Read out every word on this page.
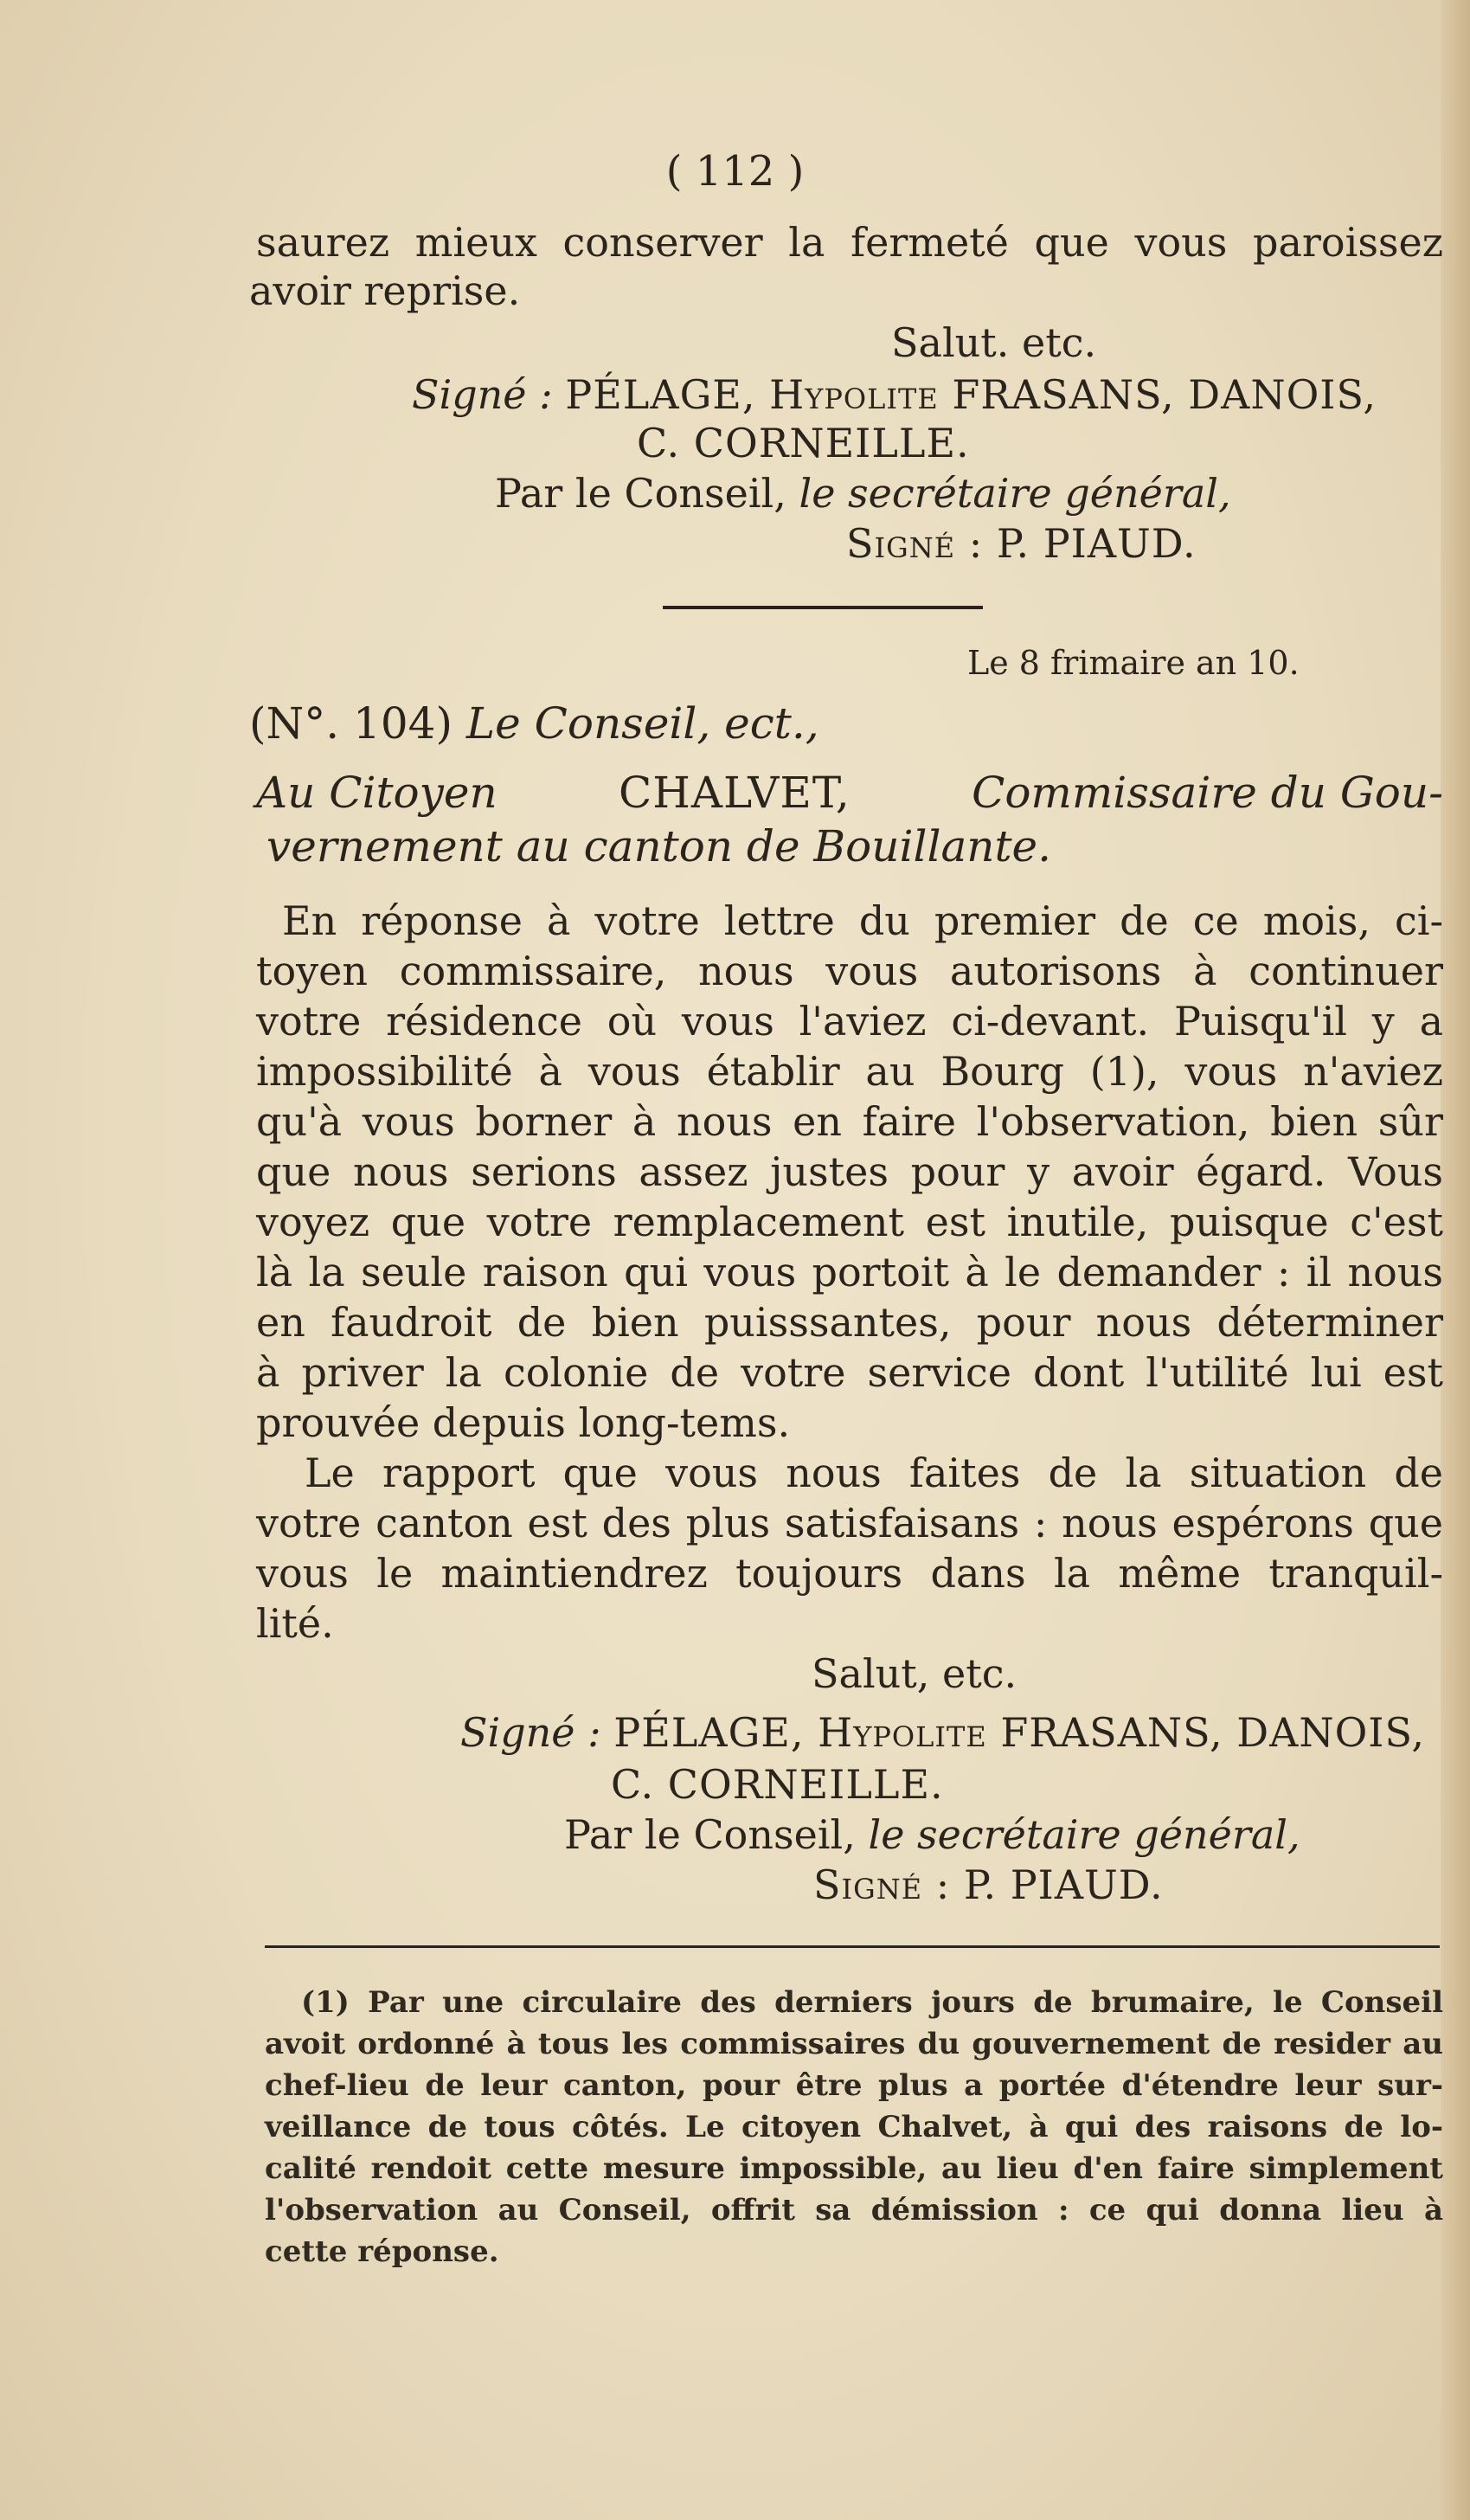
( 112 )
saurez mieux conserver la fermeté que vous paroissez
avoir reprise.
Salut. etc.
Signé : PÉLAGE, Hypolite FRASANS, DANOIS,
C. CORNEILLE.
Par le Conseil, le secrétaire général,
Signé : P. PIAUD.
Le 8 frimaire an 10.
(N°. 104) Le Conseil, ect.,
Au Citoyen	CHALVET,	Commissaire du Gou-
vernement au canton de Bouillante.
En réponse à votre lettre du premier de ce mois, ci-
toyen commissaire, nous vous autorisons à continuer
votre résidence où vous l'aviez ci-devant. Puisqu'il y a
impossibilité à vous établir au Bourg (1), vous n'aviez
qu'à vous borner à nous en faire l'observation, bien sûr
que nous serions assez justes pour y avoir égard. Vous
voyez que votre remplacement est inutile, puisque c'est
là la seule raison qui vous portoit à le demander : il nous
en faudroit de bien puisssantes, pour nous déterminer
à priver la colonie de votre service dont l'utilité lui est
prouvée depuis long-tems.
Le rapport que vous nous faites de la situation de
votre canton est des plus satisfaisans : nous espérons que
vous le maintiendrez toujours dans la même tranquil-
lité.
Salut, etc.
Signé : PÉLAGE, Hypolite FRASANS, DANOIS,
C. CORNEILLE.
Par le Conseil, le secrétaire général,
Signé : P. PIAUD.
(1) Par une circulaire des derniers jours de brumaire, le Conseil
avoit ordonné à tous les commissaires du gouvernement de resider au
chef-lieu de leur canton, pour être plus a portée d'étendre leur sur-
veillance de tous côtés. Le citoyen Chalvet, à qui des raisons de lo-
calité rendoit cette mesure impossible, au lieu d'en faire simplement
l'observation au Conseil, offrit sa démission : ce qui donna lieu à
cette réponse.
